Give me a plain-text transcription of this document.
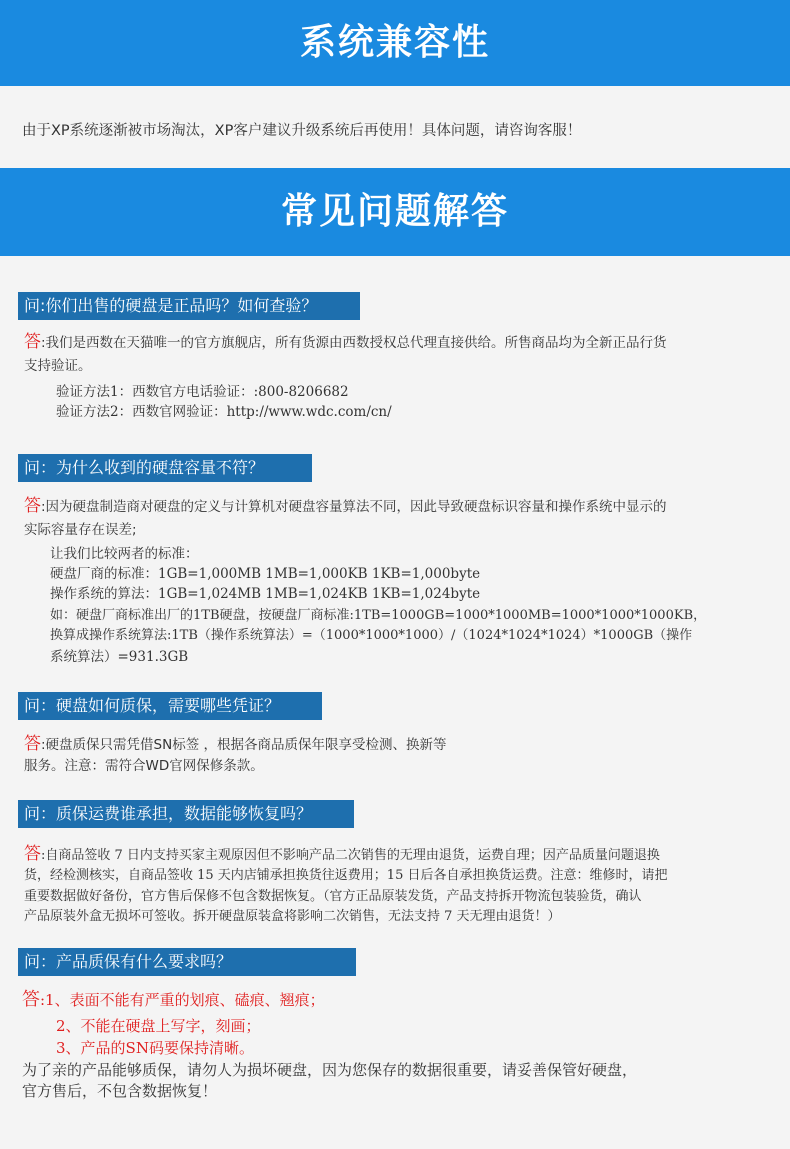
系统兼容性
由于XP系统逐渐被市场淘汰，XP客户建议升级系统后再使用！具体问题，请咨询客服！
常见问题解答
问:你们出售的硬盘是正品吗？如何查验？
答:我们是西数在天猫唯一的官方旗舰店，所有货源由西数授权总代理直接供给。所售商品均为全新正品行货
支持验证。
验证方法1：西数官方电话验证：:800-8206682
验证方法2：西数官网验证：http://www.wdc.com/cn/
问：为什么收到的硬盘容量不符？
答:因为硬盘制造商对硬盘的定义与计算机对硬盘容量算法不同，因此导致硬盘标识容量和操作系统中显示的
实际容量存在误差;
让我们比较两者的标准：
硬盘厂商的标准：1GB=1,000MB 1MB=1,000KB 1KB=1,000byte
操作系统的算法：1GB=1,024MB 1MB=1,024KB 1KB=1,024byte
如：硬盘厂商标准出厂的1TB硬盘，按硬盘厂商标准:1TB=1000GB=1000*1000MB=1000*1000*1000KB，
换算成操作系统算法:1TB（操作系统算法）=（1000*1000*1000）/（1024*1024*1024）*1000GB（操作
系统算法）=931.3GB
问：硬盘如何质保，需要哪些凭证？
答:硬盘质保只需凭借SN标签 ，根据各商品质保年限享受检测、换新等
服务。注意：需符合WD官网保修条款。
问：质保运费谁承担，数据能够恢复吗？
答:自商品签收 7 日内支持买家主观原因但不影响产品二次销售的无理由退货，运费自理；因产品质量问题退换
货，经检测核实，自商品签收 15 天内店铺承担换货往返费用；15 日后各自承担换货运费。注意：维修时，请把
重要数据做好备份，官方售后保修不包含数据恢复。（官方正品原装发货，产品支持拆开物流包装验货，确认
产品原装外盒无损坏可签收。拆开硬盘原装盒将影响二次销售，无法支持 7 天无理由退货！）
问：产品质保有什么要求吗？
答:1、表面不能有严重的划痕、磕痕、翘痕；
2、不能在硬盘上写字，刻画；
3、产品的SN码要保持清晰。
为了亲的产品能够质保，请勿人为损坏硬盘，因为您保存的数据很重要，请妥善保管好硬盘，
官方售后，不包含数据恢复！
